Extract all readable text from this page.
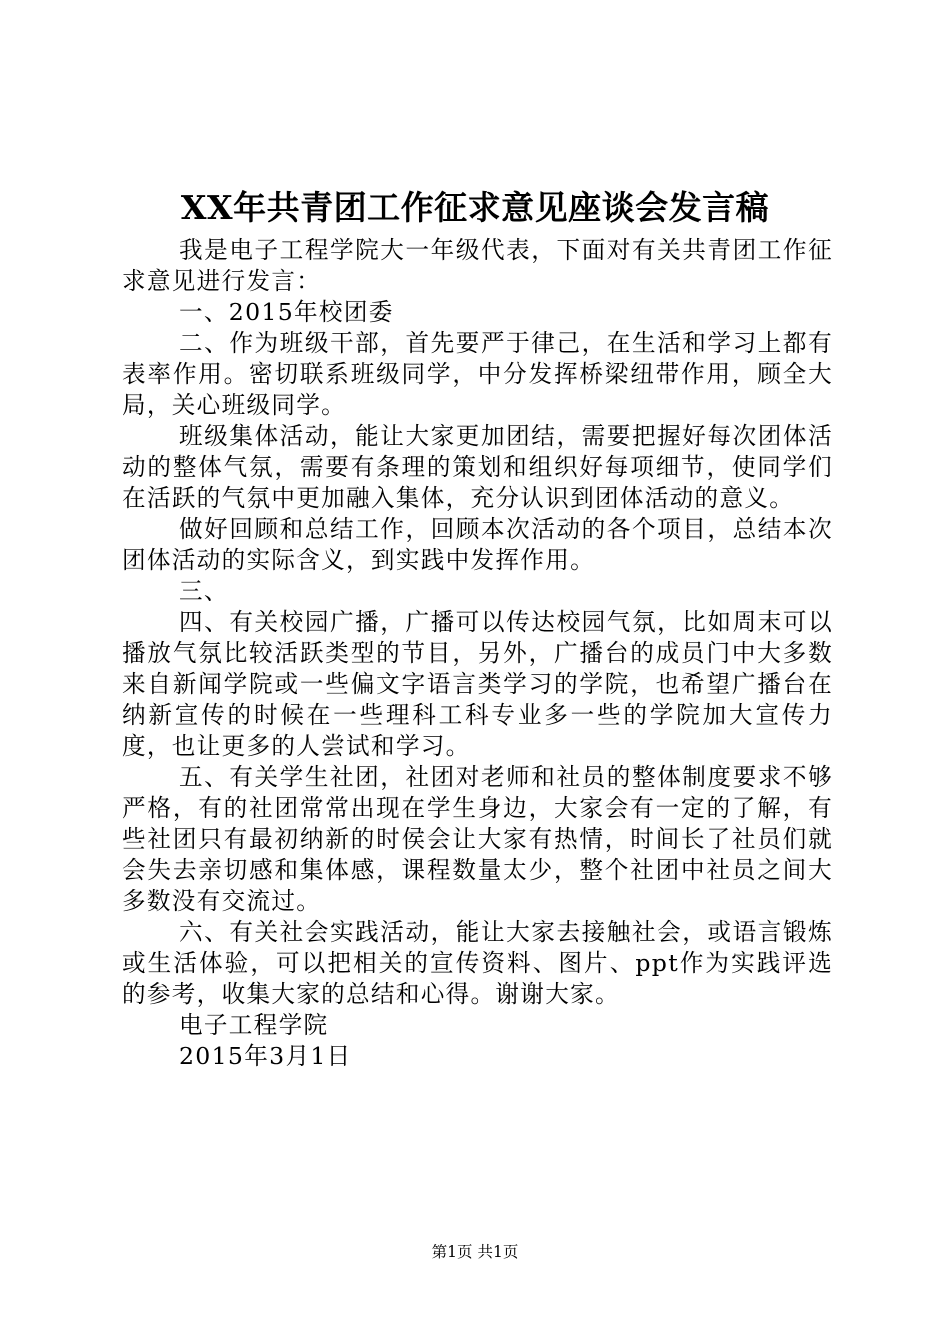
XX年共青团工作征求意见座谈会发言稿

我是电子工程学院大一年级代表，下面对有关共青团工作征求意见进行发言：

一、2015年校团委

二、作为班级干部，首先要严于律己，在生活和学习上都有表率作用。密切联系班级同学，中分发挥桥梁纽带作用，顾全大局，关心班级同学。

班级集体活动，能让大家更加团结，需要把握好每次团体活动的整体气氛，需要有条理的策划和组织好每项细节，使同学们在活跃的气氛中更加融入集体，充分认识到团体活动的意义。

做好回顾和总结工作，回顾本次活动的各个项目，总结本次团体活动的实际含义，到实践中发挥作用。

三、

四、有关校园广播，广播可以传达校园气氛，比如周末可以播放气氛比较活跃类型的节目，另外，广播台的成员门中大多数来自新闻学院或一些偏文字语言类学习的学院，也希望广播台在纳新宣传的时候在一些理科工科专业多一些的学院加大宣传力度，也让更多的人尝试和学习。

五、有关学生社团，社团对老师和社员的整体制度要求不够严格，有的社团常常出现在学生身边，大家会有一定的了解，有些社团只有最初纳新的时侯会让大家有热情，时间长了社员们就会失去亲切感和集体感，课程数量太少，整个社团中社员之间大多数没有交流过。

六、有关社会实践活动，能让大家去接触社会，或语言锻炼或生活体验，可以把相关的宣传资料、图片、ppt作为实践评选的参考，收集大家的总结和心得。谢谢大家。

电子工程学院

2015年3月1日

第1页 共1页
